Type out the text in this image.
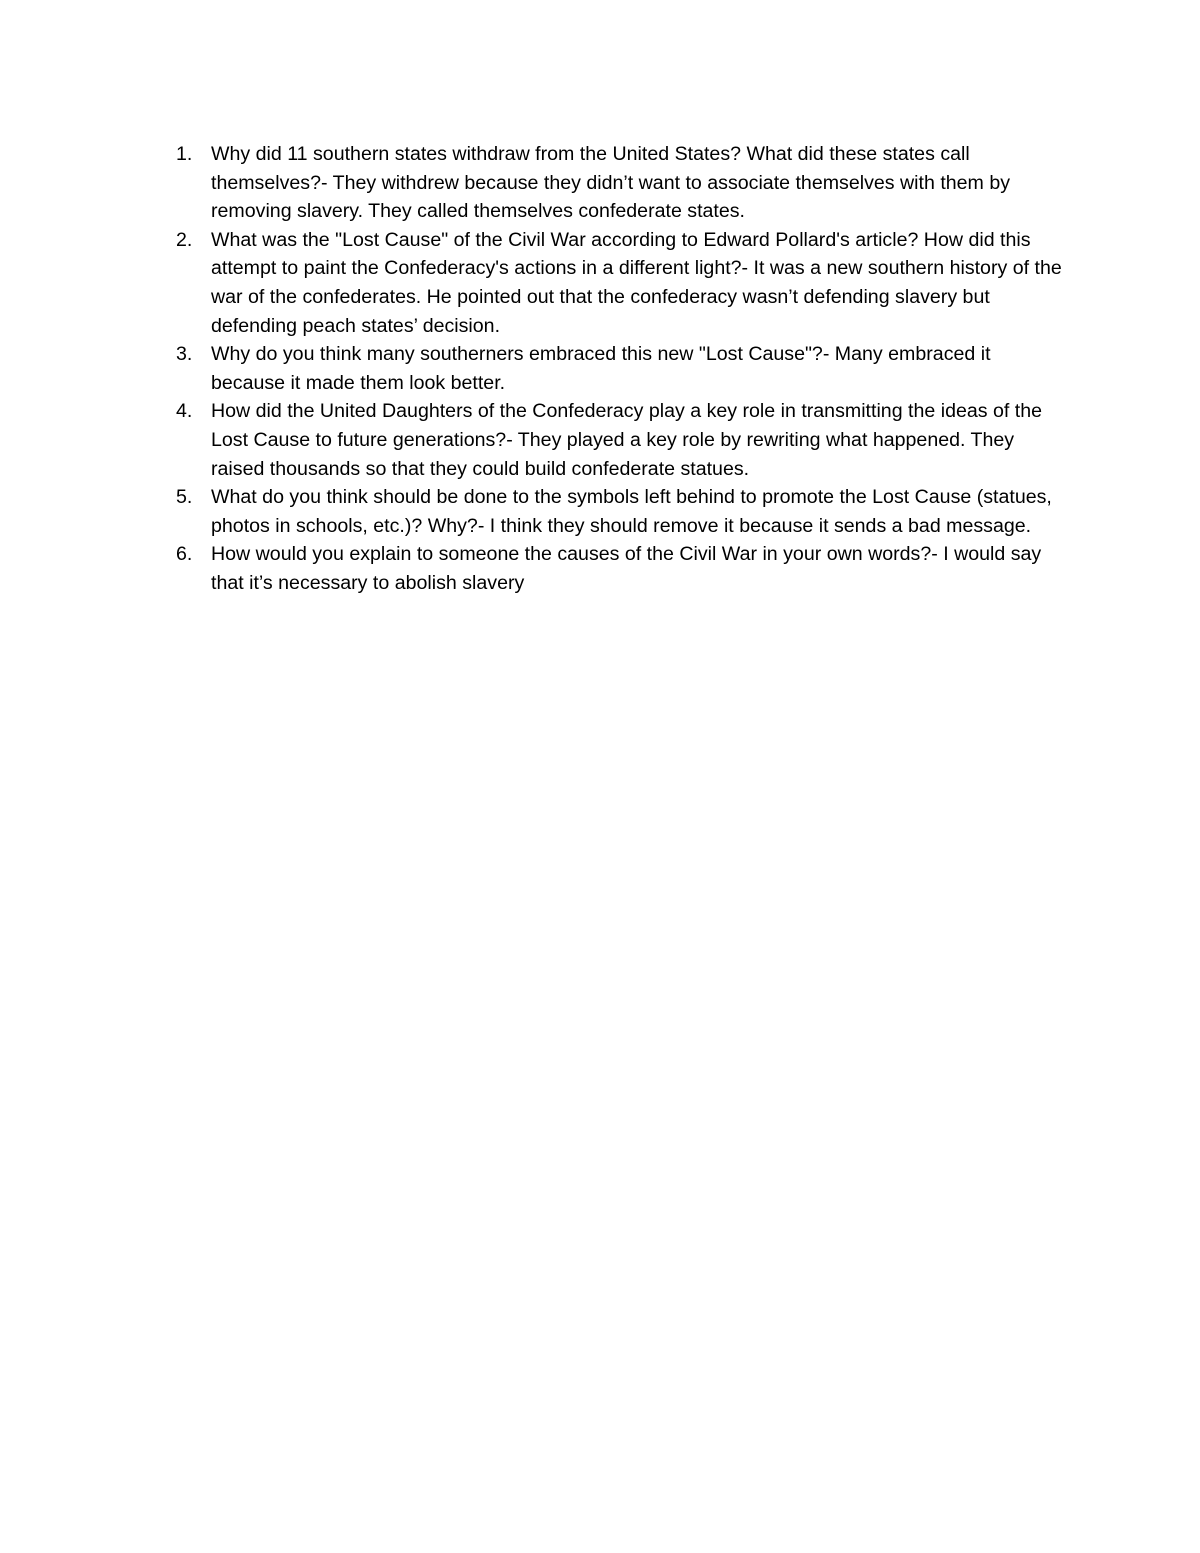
1. Why did 11 southern states withdraw from the United States? What did these states call themselves?- They withdrew because they didn’t want to associate themselves with them by removing slavery. They called themselves confederate states.
2. What was the "Lost Cause" of the Civil War according to Edward Pollard's article? How did this attempt to paint the Confederacy's actions in a different light?- It was a new southern history of the war of the confederates. He pointed out that the confederacy wasn’t defending slavery but defending peach states’ decision.
3. Why do you think many southerners embraced this new "Lost Cause"?- Many embraced it because it made them look better.
4. How did the United Daughters of the Confederacy play a key role in transmitting the ideas of the Lost Cause to future generations?- They played a key role by rewriting what happened. They raised thousands so that they could build confederate statues.
5. What do you think should be done to the symbols left behind to promote the Lost Cause (statues, photos in schools, etc.)? Why?- I think they should remove it because it sends a bad message.
6. How would you explain to someone the causes of the Civil War in your own words?- I would say that it’s necessary to abolish slavery
